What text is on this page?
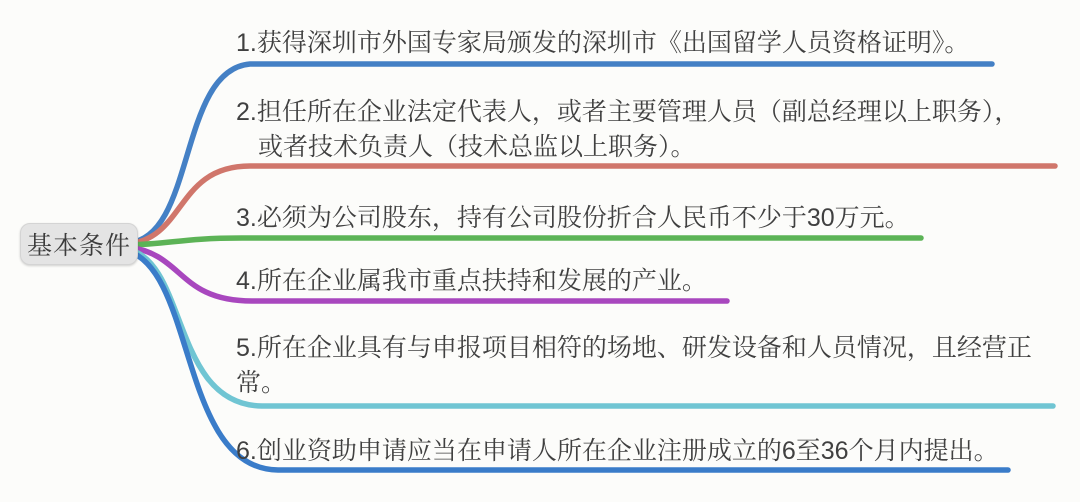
基本条件
1.获得深圳市外国专家局颁发的深圳市《出国留学人员资格证明》。
2.担任所在企业法定代表人，或者主要管理人员（副总经理以上职务），
或者技术负责人（技术总监以上职务）。
3.必须为公司股东，持有公司股份折合人民币不少于30万元。
4.所在企业属我市重点扶持和发展的产业。
5.所在企业具有与申报项目相符的场地、研发设备和人员情况，且经营正
常。
6.创业资助申请应当在申请人所在企业注册成立的6至36个月内提出。
